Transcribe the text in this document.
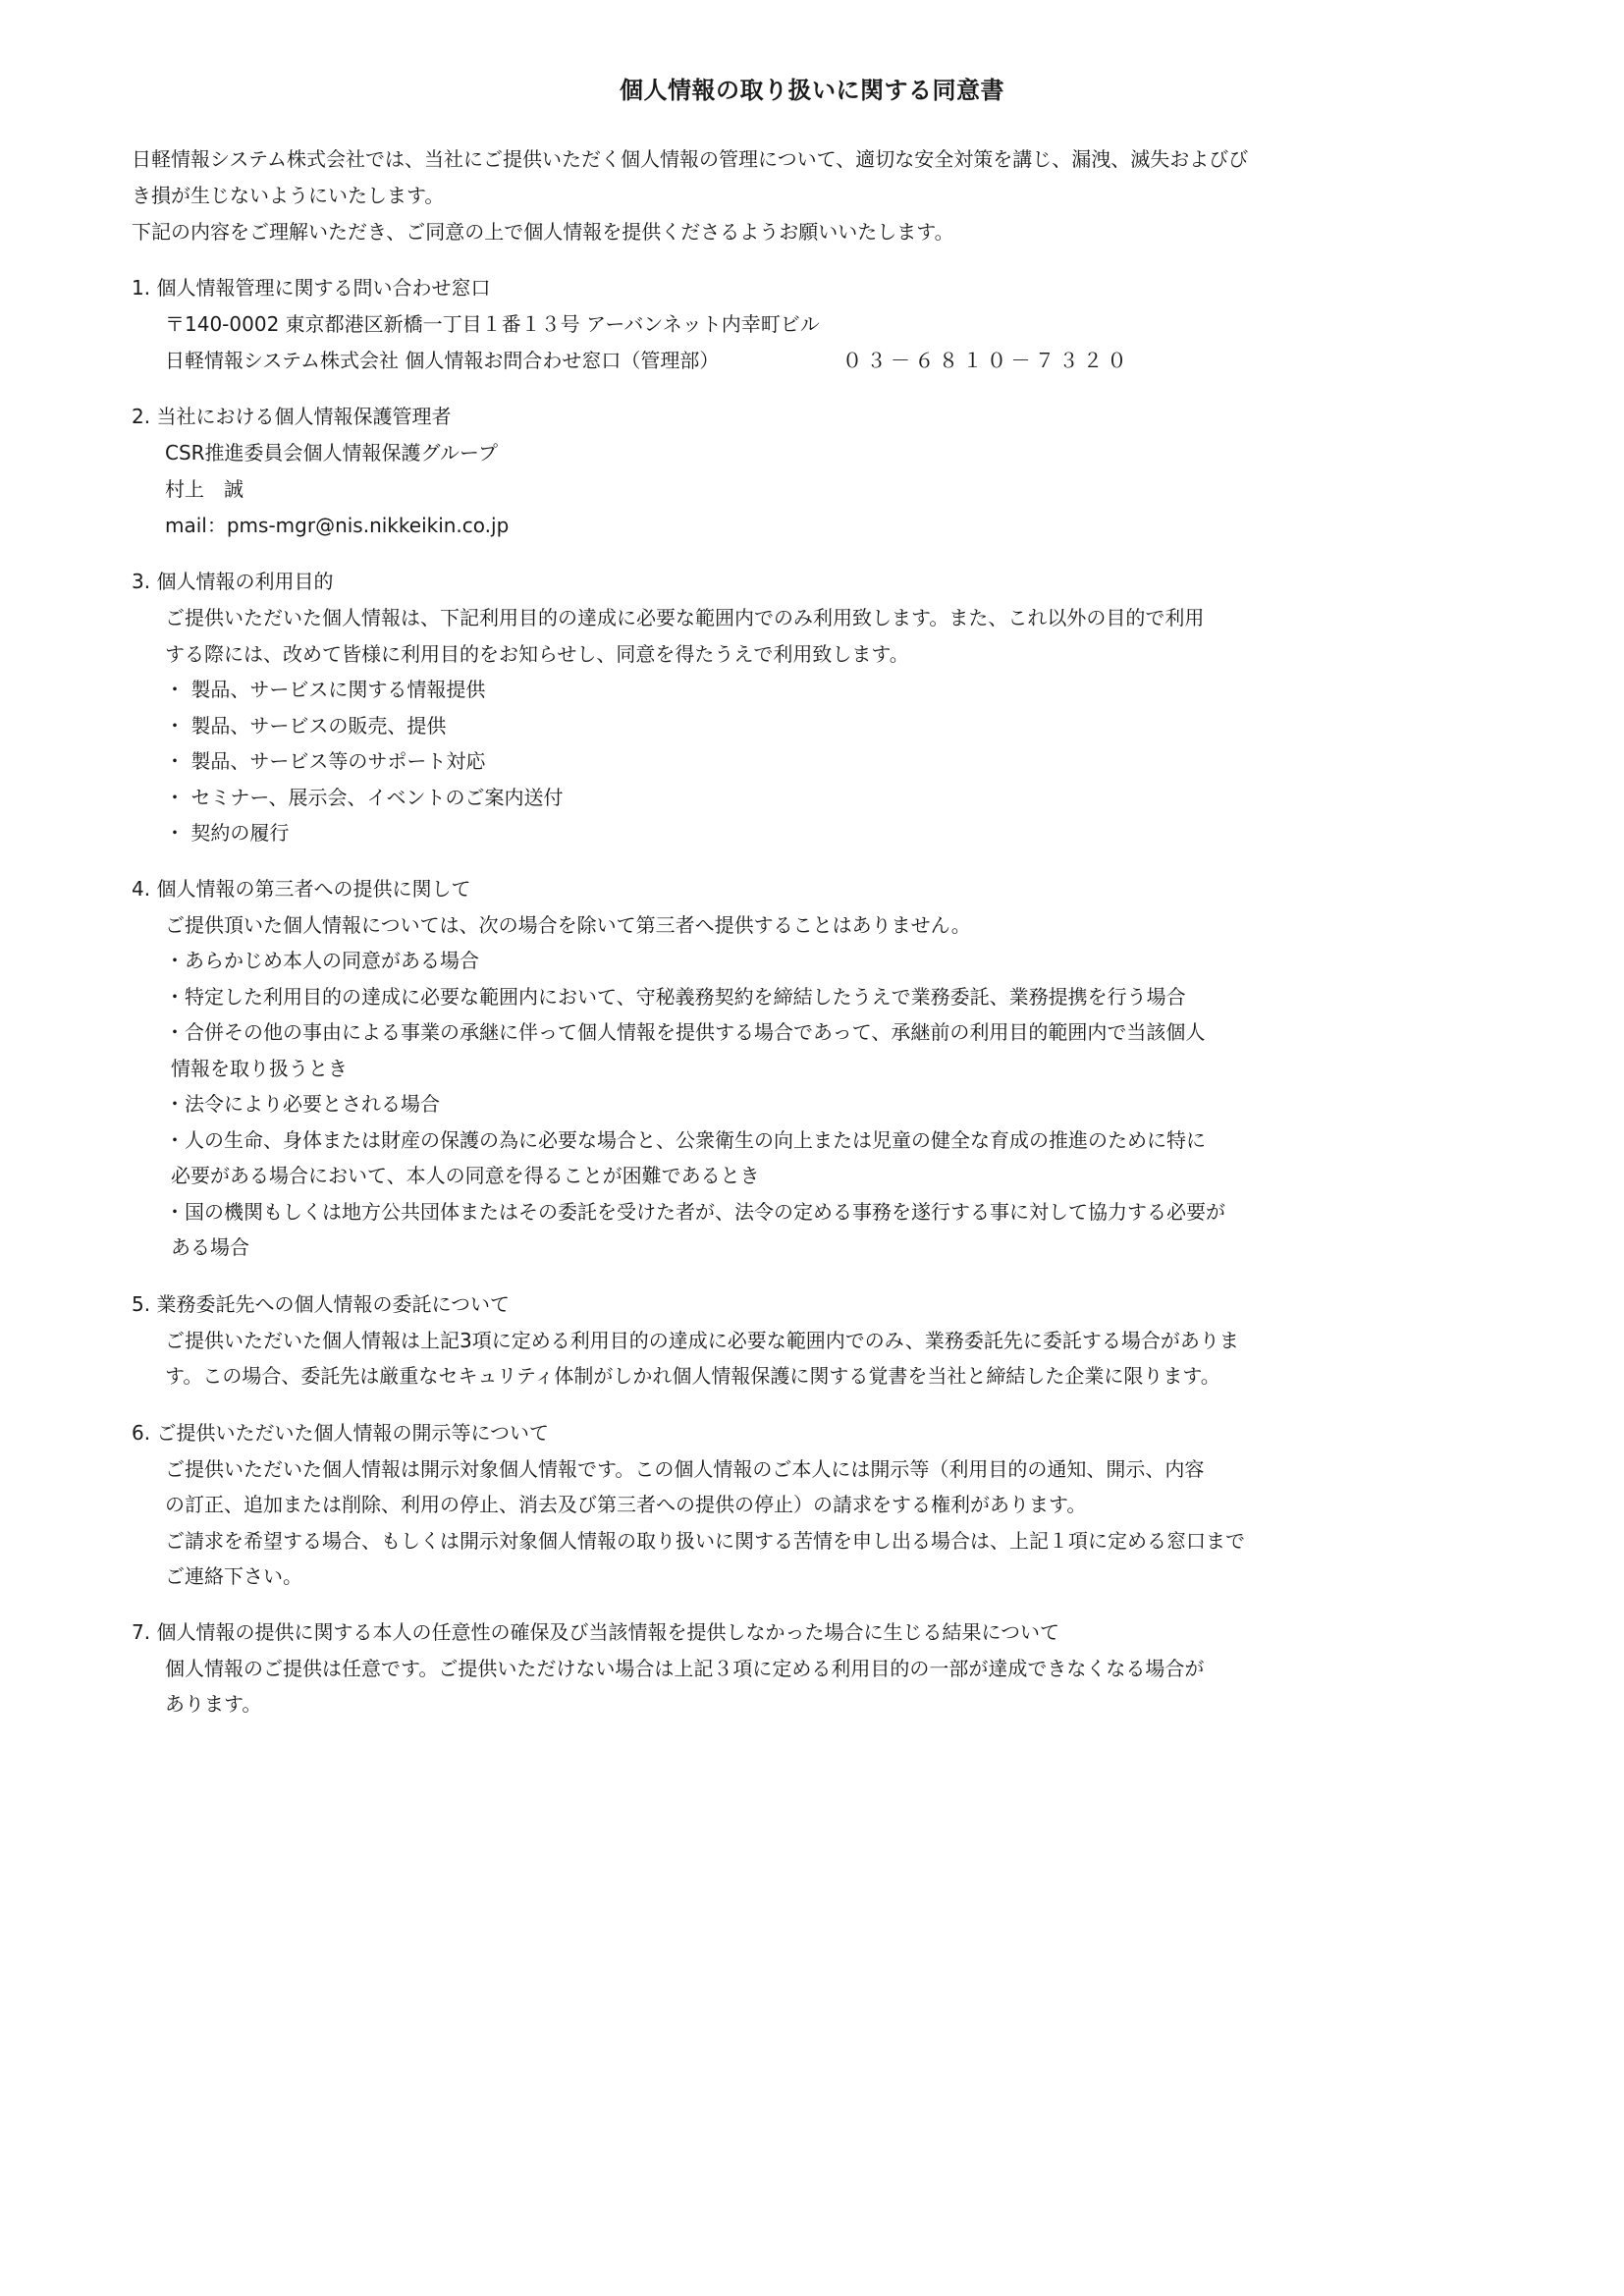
個人情報の取り扱いに関する同意書

日軽情報システム株式会社では、当社にご提供いただく個人情報の管理について、適切な安全対策を講じ、漏洩、滅失およびび

き損が生じないようにいたします。

下記の内容をご理解いただき、ご同意の上で個人情報を提供くださるようお願いいたします。

1. 個人情報管理に関する問い合わせ窓口

〒140-0002 東京都港区新橋一丁目１番１３号 アーバンネット内幸町ビル

日軽情報システム株式会社 個人情報お問合わせ窓口（管理部）	０３－６８１０－７３２０

2. 当社における個人情報保護管理者

CSR推進委員会個人情報保護グループ

村上　誠

mail：pms-mgr@nis.nikkeikin.co.jp

3. 個人情報の利用目的

ご提供いただいた個人情報は、下記利用目的の達成に必要な範囲内でのみ利用致します。また、これ以外の目的で利用

する際には、改めて皆様に利用目的をお知らせし、同意を得たうえで利用致します。

・ 製品、サービスに関する情報提供

・ 製品、サービスの販売、提供

・ 製品、サービス等のサポート対応

・ セミナー、展示会、イベントのご案内送付

・ 契約の履行

4. 個人情報の第三者への提供に関して

ご提供頂いた個人情報については、次の場合を除いて第三者へ提供することはありません。

・あらかじめ本人の同意がある場合

・特定した利用目的の達成に必要な範囲内において、守秘義務契約を締結したうえで業務委託、業務提携を行う場合

・合併その他の事由による事業の承継に伴って個人情報を提供する場合であって、承継前の利用目的範囲内で当該個人

情報を取り扱うとき

・法令により必要とされる場合

・人の生命、身体または財産の保護の為に必要な場合と、公衆衛生の向上または児童の健全な育成の推進のために特に

必要がある場合において、本人の同意を得ることが困難であるとき

・国の機関もしくは地方公共団体またはその委託を受けた者が、法令の定める事務を遂行する事に対して協力する必要が

ある場合

5. 業務委託先への個人情報の委託について

ご提供いただいた個人情報は上記3項に定める利用目的の達成に必要な範囲内でのみ、業務委託先に委託する場合がありま

す。この場合、委託先は厳重なセキュリティ体制がしかれ個人情報保護に関する覚書を当社と締結した企業に限ります。

6. ご提供いただいた個人情報の開示等について

ご提供いただいた個人情報は開示対象個人情報です。この個人情報のご本人には開示等（利用目的の通知、開示、内容

の訂正、追加または削除、利用の停止、消去及び第三者への提供の停止）の請求をする権利があります。

ご請求を希望する場合、もしくは開示対象個人情報の取り扱いに関する苦情を申し出る場合は、上記１項に定める窓口まで

ご連絡下さい。

7. 個人情報の提供に関する本人の任意性の確保及び当該情報を提供しなかった場合に生じる結果について

個人情報のご提供は任意です。ご提供いただけない場合は上記３項に定める利用目的の一部が達成できなくなる場合が

あります。
